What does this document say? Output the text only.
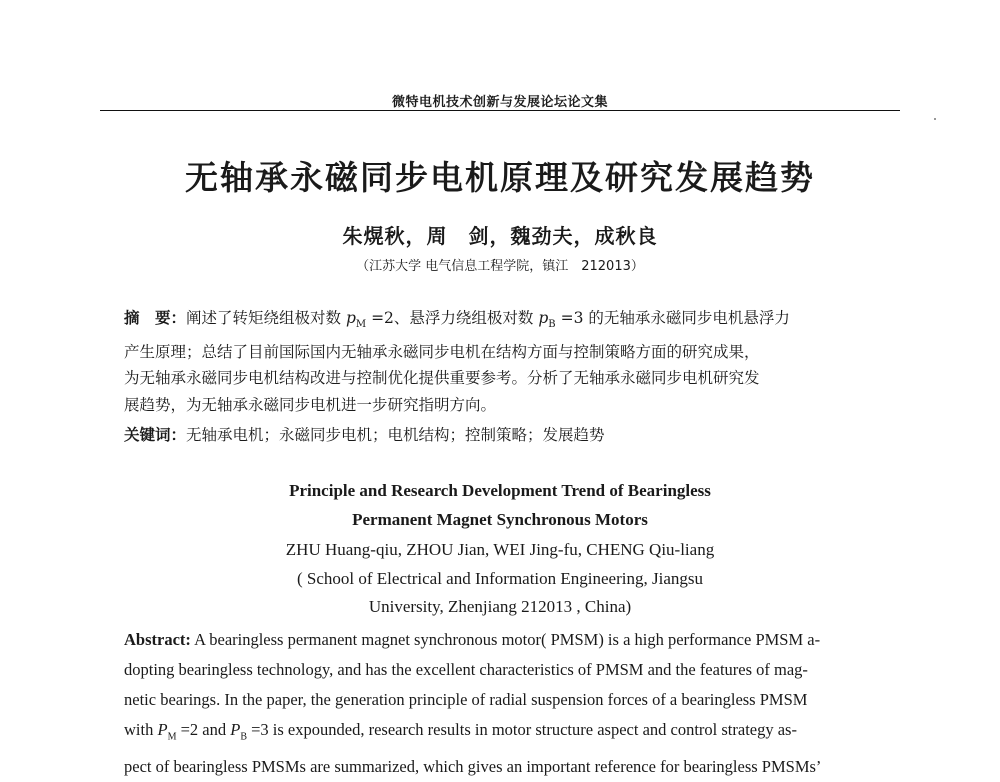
微特电机技术创新与发展论坛论文集
无轴承永磁同步电机原理及研究发展趋势
朱熀秋，周　剑，魏劲夫，成秋良
（江苏大学 电气信息工程学院，镇江　212013）
摘　要：阐述了转矩绕组极对数 $p_M =2$、悬浮力绕组极对数 $p_B =3$ 的无轴承永磁同步电机悬浮力
产生原理；总结了目前国际国内无轴承永磁同步电机在结构方面与控制策略方面的研究成果，
为无轴承永磁同步电机结构改进与控制优化提供重要参考。分析了无轴承永磁同步电机研究发
展趋势，为无轴承永磁同步电机进一步研究指明方向。
关键词：无轴承电机；永磁同步电机；电机结构；控制策略；发展趋势
Principle and Research Development Trend of Bearingless
Permanent Magnet Synchronous Motors
ZHU Huang-qiu, ZHOU Jian, WEI Jing-fu, CHENG Qiu-liang
( School of Electrical and Information Engineering, Jiangsu
University, Zhenjiang 212013 , China)
Abstract: A bearingless permanent magnet synchronous motor( PMSM) is a high performance PMSM a-
dopting bearingless technology, and has the excellent characteristics of PMSM and the features of mag-
netic bearings. In the paper, the generation principle of radial suspension forces of a bearingless PMSM
with $P_M =2$ and $P_B =3$ is expounded, research results in motor structure aspect and control strategy as-
pect of bearingless PMSMs are summarized, which gives an important reference for bearingless PMSMs’
